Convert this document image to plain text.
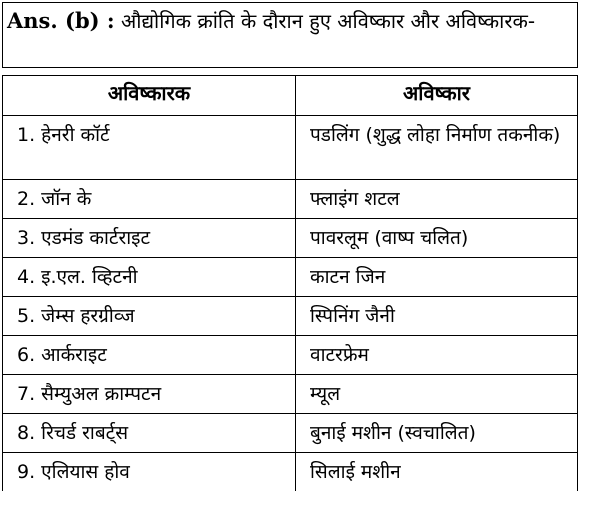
Ans. (b) : औद्योगिक क्रांति के दौरान हुए अविष्कार और अविष्कारक-
अविष्कारक	अविष्कार
1. हेनरी कॉर्ट	पडलिंग (शुद्ध लोहा निर्माण तकनीक)
2. जॉन के	फ्लाइंग शटल
3. एडमंड कार्टराइट	पावरलूम (वाष्प चलित)
4. इ.एल. व्हिटनी	काटन जिन
5. जेम्स हरग्रीव्ज	स्पिनिंग जैनी
6. आर्कराइट	वाटरफ्रेम
7. सैम्युअल क्राम्पटन	म्यूल
8. रिचर्ड राबर्ट्स	बुनाई मशीन (स्वचालित)
9. एलियास होव	सिलाई मशीन
